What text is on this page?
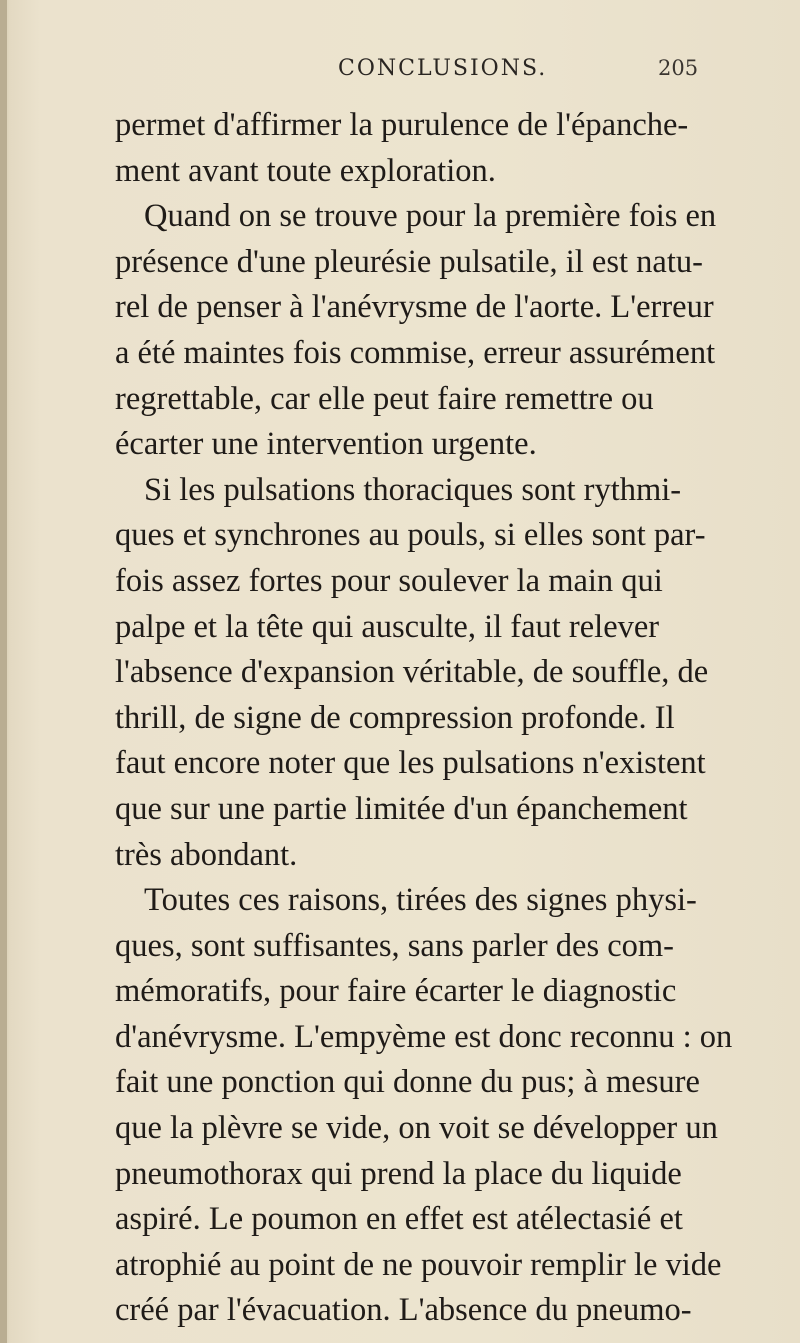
CONCLUSIONS.	205
permet d'affirmer la purulence de l'épanche-
ment avant toute exploration.
Quand on se trouve pour la première fois en
présence d'une pleurésie pulsatile, il est natu-
rel de penser à l'anévrysme de l'aorte. L'erreur
a été maintes fois commise, erreur assurément
regrettable, car elle peut faire remettre ou
écarter une intervention urgente.
Si les pulsations thoraciques sont rythmi-
ques et synchrones au pouls, si elles sont par-
fois assez fortes pour soulever la main qui
palpe et la tête qui ausculte, il faut relever
l'absence d'expansion véritable, de souffle, de
thrill, de signe de compression profonde. Il
faut encore noter que les pulsations n'existent
que sur une partie limitée d'un épanchement
très abondant.
Toutes ces raisons, tirées des signes physi-
ques, sont suffisantes, sans parler des com-
mémoratifs, pour faire écarter le diagnostic
d'anévrysme. L'empyème est donc reconnu : on
fait une ponction qui donne du pus; à mesure
que la plèvre se vide, on voit se développer un
pneumothorax qui prend la place du liquide
aspiré. Le poumon en effet est atélectasié et
atrophié au point de ne pouvoir remplir le vide
créé par l'évacuation. L'absence du pneumo-
